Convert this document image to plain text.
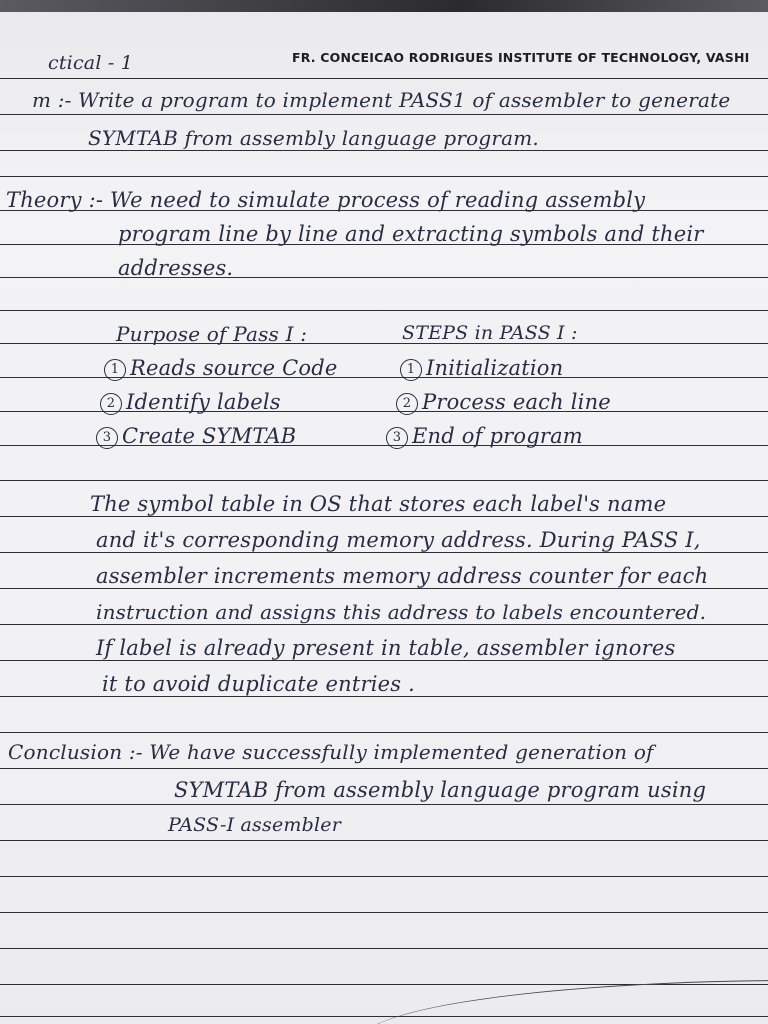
FR. CONCEICAO RODRIGUES INSTITUTE OF TECHNOLOGY, VASHI

ctical - 1

m :- Write a program to implement PASS1 of assembler to generate

SYMTAB from assembly language program.

Theory :- We need to simulate process of reading assembly

program line by line and extracting symbols and their

addresses.

Purpose of Pass I :

1 Reads source Code

2 Identify labels

3 Create SYMTAB

STEPS in PASS I :

1 Initialization

2 Process each line

3 End of program

The symbol table in OS that stores each label's name

and it's corresponding memory address. During PASS I,

assembler increments memory address counter for each

instruction and assigns this address to labels encountered.

If label is already present in table, assembler ignores

it to avoid duplicate entries .

Conclusion :- We have successfully implemented generation of

SYMTAB from assembly language program using

PASS-I assembler
